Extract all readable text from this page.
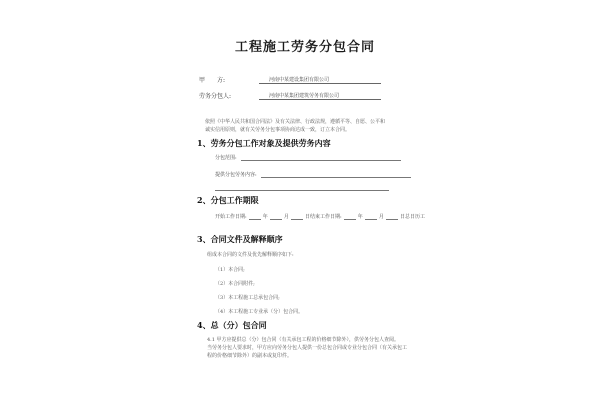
工程施工劳务分包合同
甲　　方:	河南中某建设集团有限公司
劳务分包人:	河南中某集团建筑劳务有限公司
依照《中华人民共和国合同法》及有关法律、行政法规，遵循平等、自愿、公平和
诚实信用原则，就有关劳务分包事项协商达成一致，订立本合同。
1、劳务分包工作对象及提供劳务内容
分包范围:
提供分包劳务内容:
2、分包工作期限
开始工作日期:	年	月	日结束工作日期:	年	月	日总日历工
3、合同文件及解释顺序
组成本合同的文件及优先解释顺序如下:
（1）本合同;
（2）本合同附件;
（3）本工程施工总承包合同;
（4）本工程施工专业承（分）包合同。
4、总（分）包合同
4.1 甲方应提供总（分）包合同（有关承包工程的价格细节除外），供劳务分包人查阅。
当劳务分包人要求时，甲方应向劳务分包人提供一份总包合同或专业分包合同（有关承包工
程的价格细节除外）的副本或复印件。
